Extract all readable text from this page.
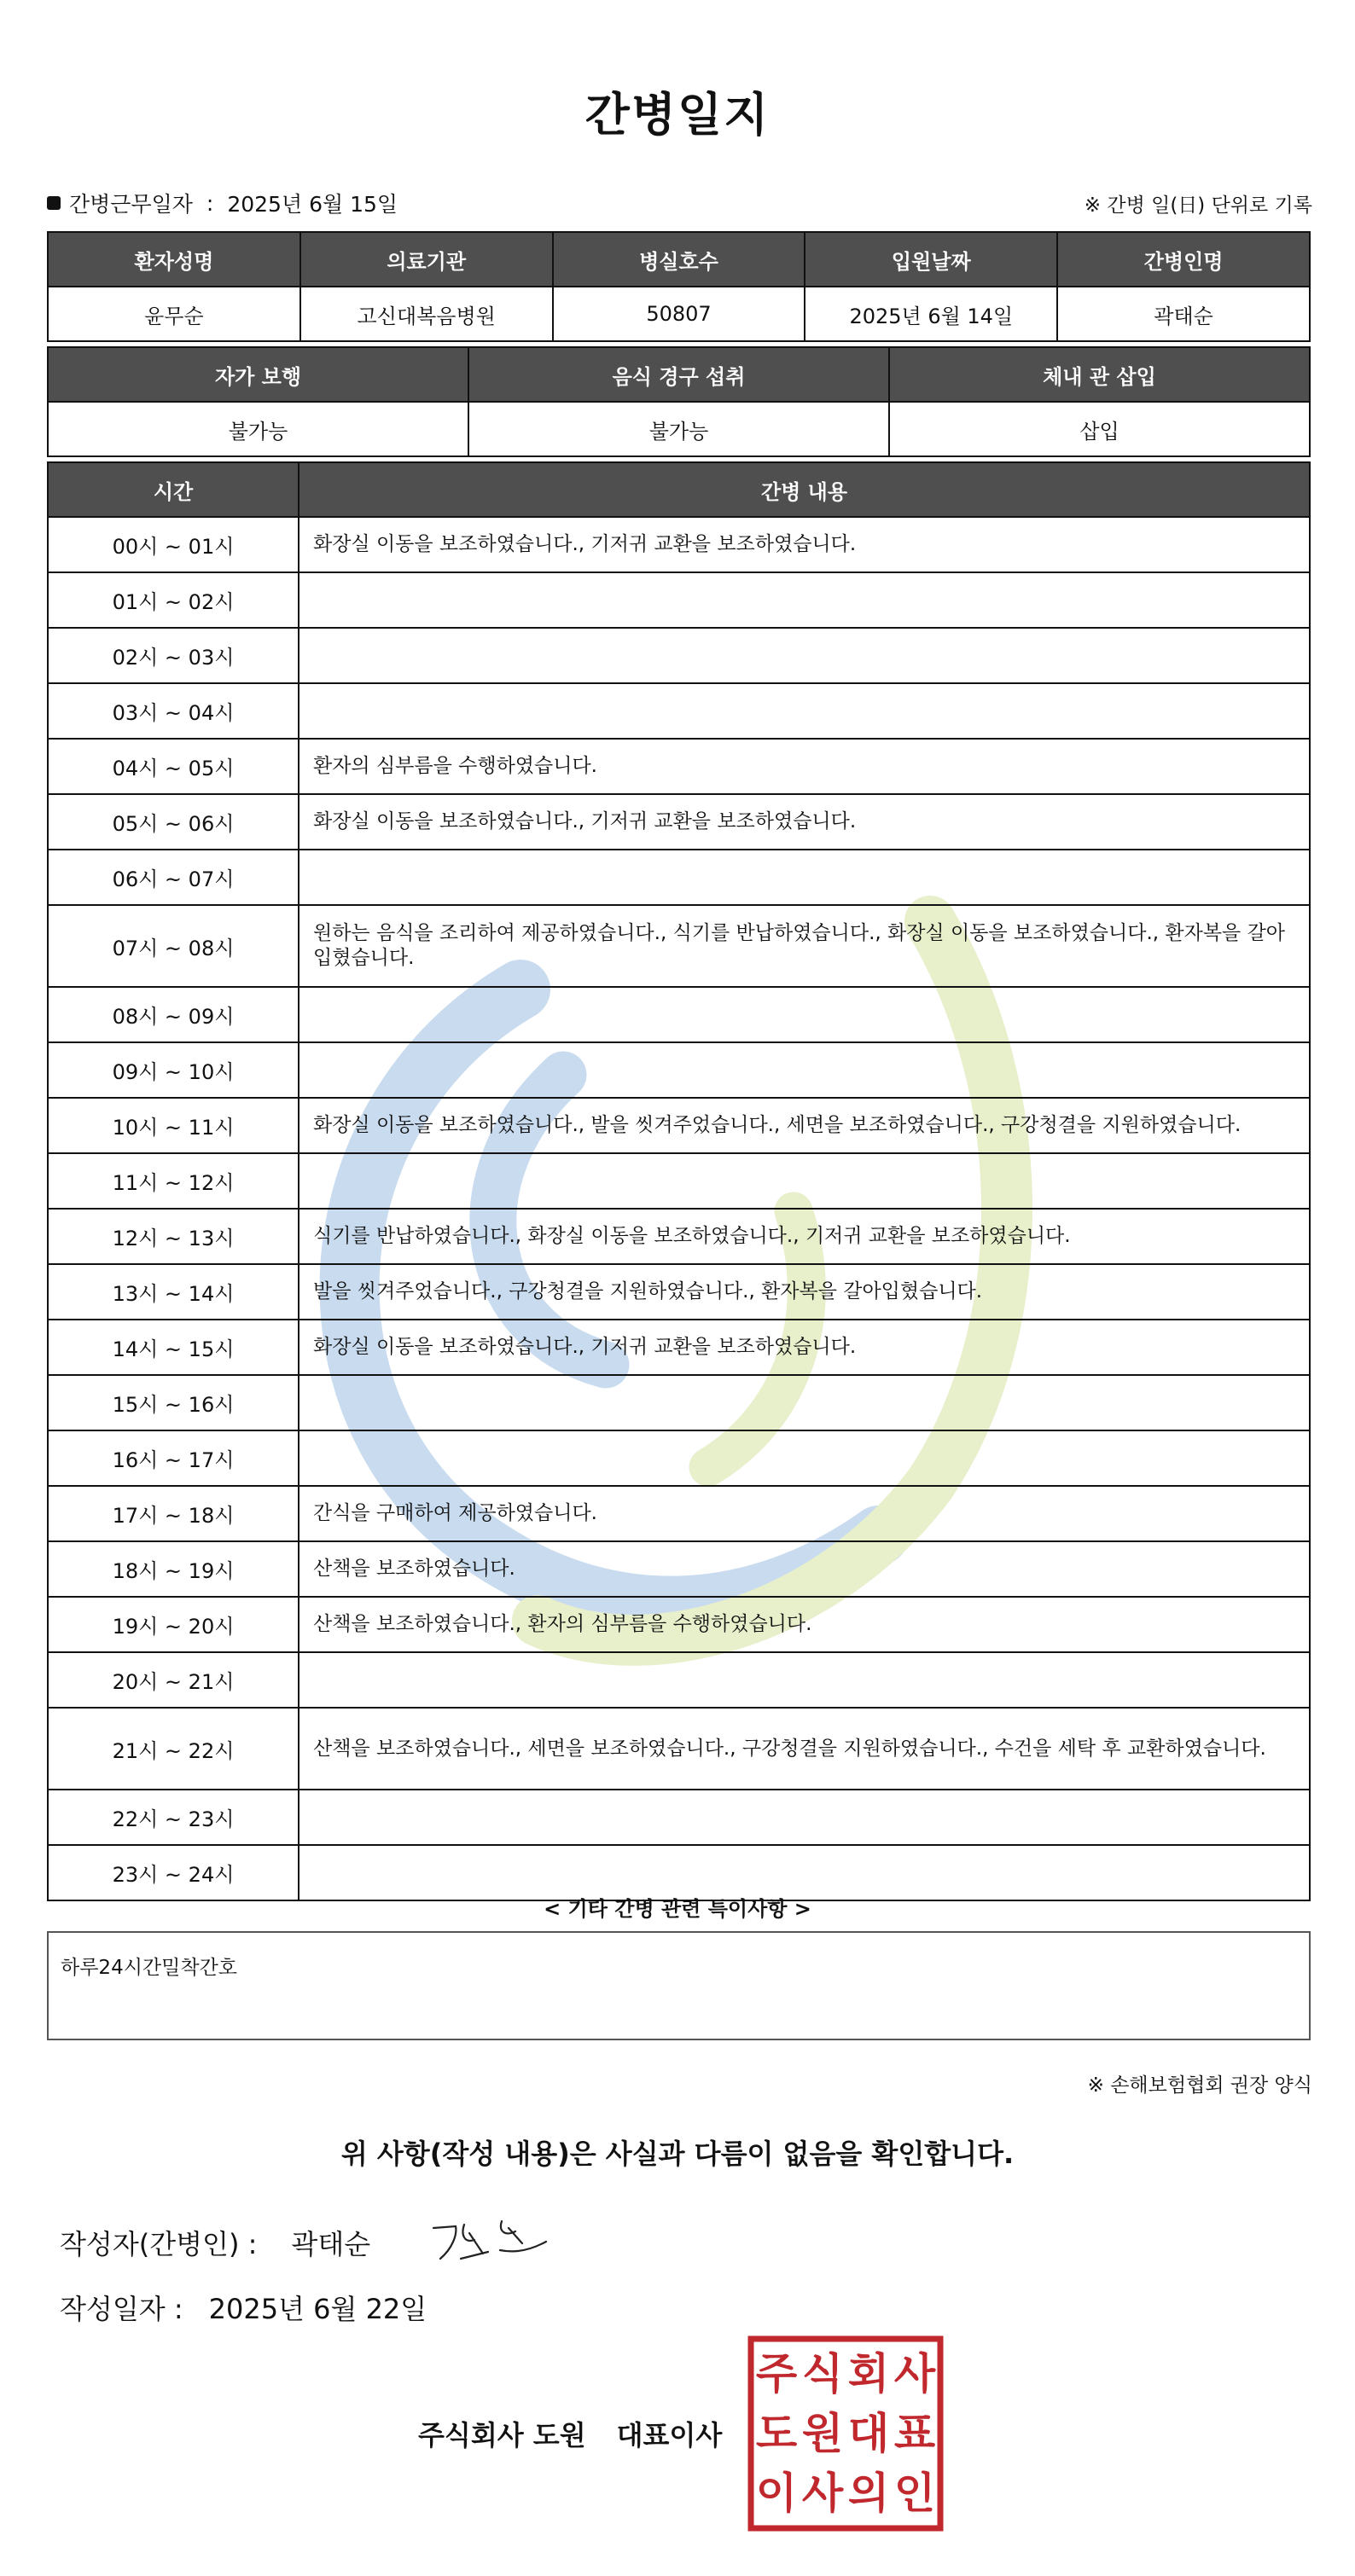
간병일지
간병근무일자 : 2025년 6월 15일	※ 간병 일(日) 단위로 기록
환자성명	의료기관	병실호수	입원날짜	간병인명
윤무순	고신대복음병원	50807	2025년 6월 14일	곽태순
자가 보행	음식 경구 섭취	체내 관 삽입
불가능	불가능	삽입
시간	간병 내용
00시 ~ 01시	화장실 이동을 보조하였습니다., 기저귀 교환을 보조하였습니다.
01시 ~ 02시	
02시 ~ 03시	
03시 ~ 04시	
04시 ~ 05시	환자의 심부름을 수행하였습니다.
05시 ~ 06시	화장실 이동을 보조하였습니다., 기저귀 교환을 보조하였습니다.
06시 ~ 07시	
07시 ~ 08시	원하는 음식을 조리하여 제공하였습니다., 식기를 반납하였습니다., 화장실 이동을 보조하였습니다., 환자복을 갈아입혔습니다.
08시 ~ 09시	
09시 ~ 10시	
10시 ~ 11시	화장실 이동을 보조하였습니다., 발을 씻겨주었습니다., 세면을 보조하였습니다., 구강청결을 지원하였습니다.
11시 ~ 12시	
12시 ~ 13시	식기를 반납하였습니다., 화장실 이동을 보조하였습니다., 기저귀 교환을 보조하였습니다.
13시 ~ 14시	발을 씻겨주었습니다., 구강청결을 지원하였습니다., 환자복을 갈아입혔습니다.
14시 ~ 15시	화장실 이동을 보조하였습니다., 기저귀 교환을 보조하였습니다.
15시 ~ 16시	
16시 ~ 17시	
17시 ~ 18시	간식을 구매하여 제공하였습니다.
18시 ~ 19시	산책을 보조하였습니다.
19시 ~ 20시	산책을 보조하였습니다., 환자의 심부름을 수행하였습니다.
20시 ~ 21시	
21시 ~ 22시	산책을 보조하였습니다., 세면을 보조하였습니다., 구강청결을 지원하였습니다., 수건을 세탁 후 교환하였습니다.
22시 ~ 23시	
23시 ~ 24시	
< 기타 간병 관련 특이사항 >
하루24시간밀착간호
※ 손해보험협회 권장 양식
위 사항(작성 내용)은 사실과 다름이 없음을 확인합니다.
작성자(간병인) : 곽태순
작성일자 : 2025년 6월 22일
주식회사 도원 대표이사
주 식 회 사
도 원 대 표
이 사 의 인
